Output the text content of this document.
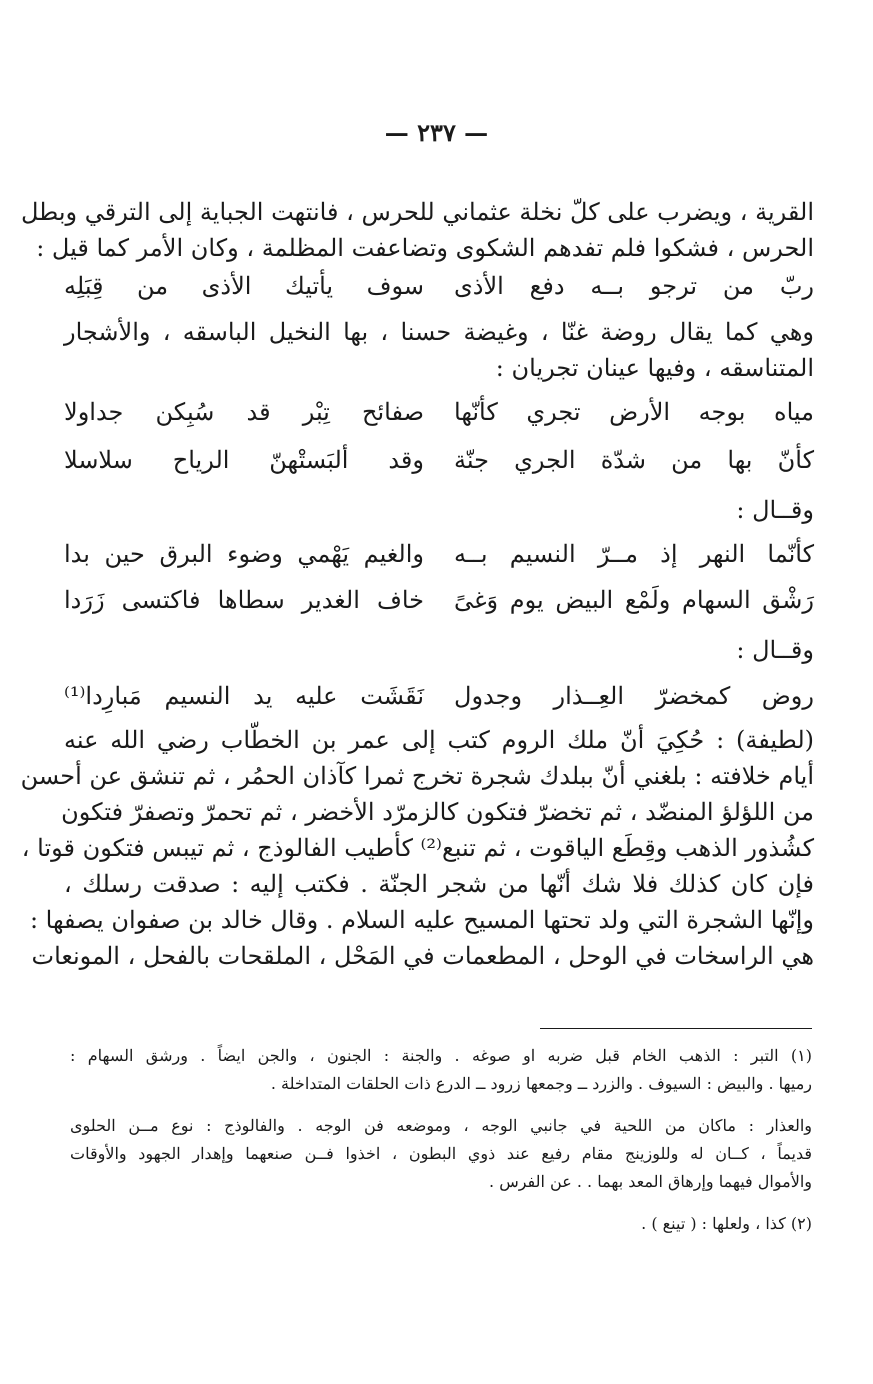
— ٢٣٧ —
القرية ، ويضرب على كلّ نخلة عثماني للحرس ، فانتهت الجباية إلى الترقي وبطل
الحرس ، فشكوا فلم تفدهم الشكوى وتضاعفت المظلمة ، وكان الأمر كما قيل :
ربّ من ترجو بــه دفع الأذى
سوف يأتيك الأذى من قِبَلِه
وهي كما يقال روضة غنّا ، وغيضة حسنا ، بها النخيل الباسقه ، والأشجار
المتناسقه ، وفيها عينان تجريان :
مياه بوجه الأرض تجري كأنّها
صفائح تِبْر قد سُبِكن جداولا
كأنّ بها من شدّة الجري جنّة
وقد ألبَستْهنّ الرياح سلاسلا
وقــال :
كأنّما النهر إذ مــرّ النسيم بــه
والغيم يَهْمي وضوء البرق حين بدا
رَشْق السهام ولَمْع البيض يوم وَغىً
خاف الغدير سطاها فاكتسى زَرَدا
وقــال :
روض كمخضرّ العِــذار وجدول
نَقَشَت عليه يد النسيم مَبارِدا⁽¹⁾
(لطيفة) : حُكِيَ أنّ ملك الروم كتب إلى عمر بن الخطّاب رضي الله عنه
أيام خلافته : بلغني أنّ ببلدك شجرة تخرج ثمرا كآذان الحمُر ، ثم تنشق عن أحسن
من اللؤلؤ المنضّد ، ثم تخضرّ فتكون كالزمرّد الأخضر ، ثم تحمرّ وتصفرّ فتكون
كشُذور الذهب وقِطَع الياقوت ، ثم تنبع⁽²⁾ كأطيب الفالوذج ، ثم تيبس فتكون قوتا ،
فإن كان كذلك فلا شك أنّها من شجر الجنّة . فكتب إليه : صدقت رسلك ،
وإنّها الشجرة التي ولد تحتها المسيح عليه السلام . وقال خالد بن صفوان يصفها :
هي الراسخات في الوحل ، المطعمات في المَحْل ، الملقحات بالفحل ، المونعات
(١) التبر : الذهب الخام قبل ضربه او صوغه . والجنة : الجنون ، والجن ايضاً . ورشق السهام :
رميها . والبيض : السيوف . والزرد ــ وجمعها زرود ــ الدرع ذات الحلقات المتداخلة .
والعذار : ماكان من اللحية في جانبي الوجه ، وموضعه فن الوجه . والفالوذج : نوع مــن الحلوى
قديماً ، كــان له وللوزينج مقام رفيع عند ذوي البطون ، اخذوا فــن صنعهما وإهدار الجهود والأوقات
والأموال فيهما وإرهاق المعد بهما . . عن الفرس .
(٢) كذا ، ولعلها : ( تينع ) .
